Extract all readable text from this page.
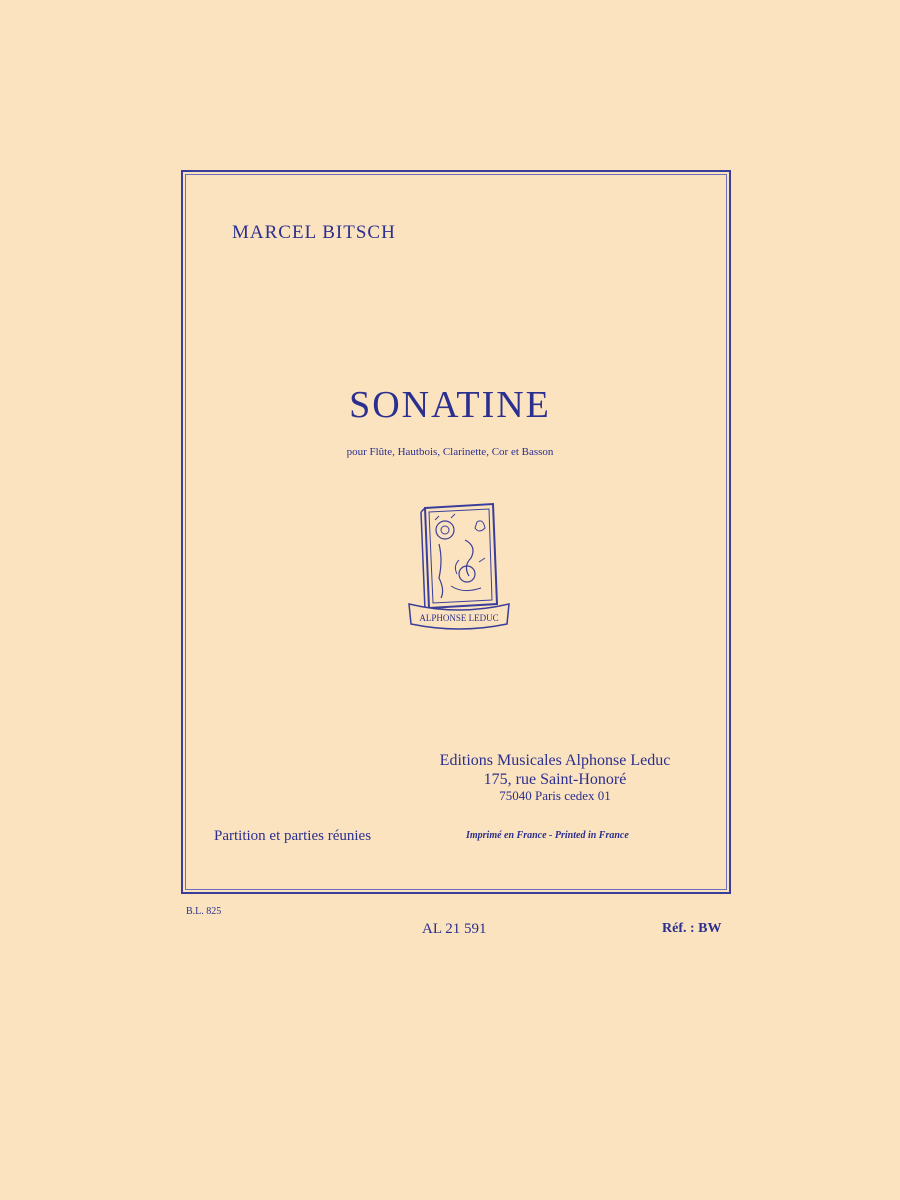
MARCEL BITSCH
SONATINE
pour Flûte, Hautbois, Clarinette, Cor et Basson
ALPHONSE LEDUC
Editions Musicales Alphonse Leduc
175, rue Saint-Honoré
75040 Paris cedex 01
Partition et parties réunies	Imprimé en France - Printed in France
B.L. 825
AL 21 591	Réf. : BW
